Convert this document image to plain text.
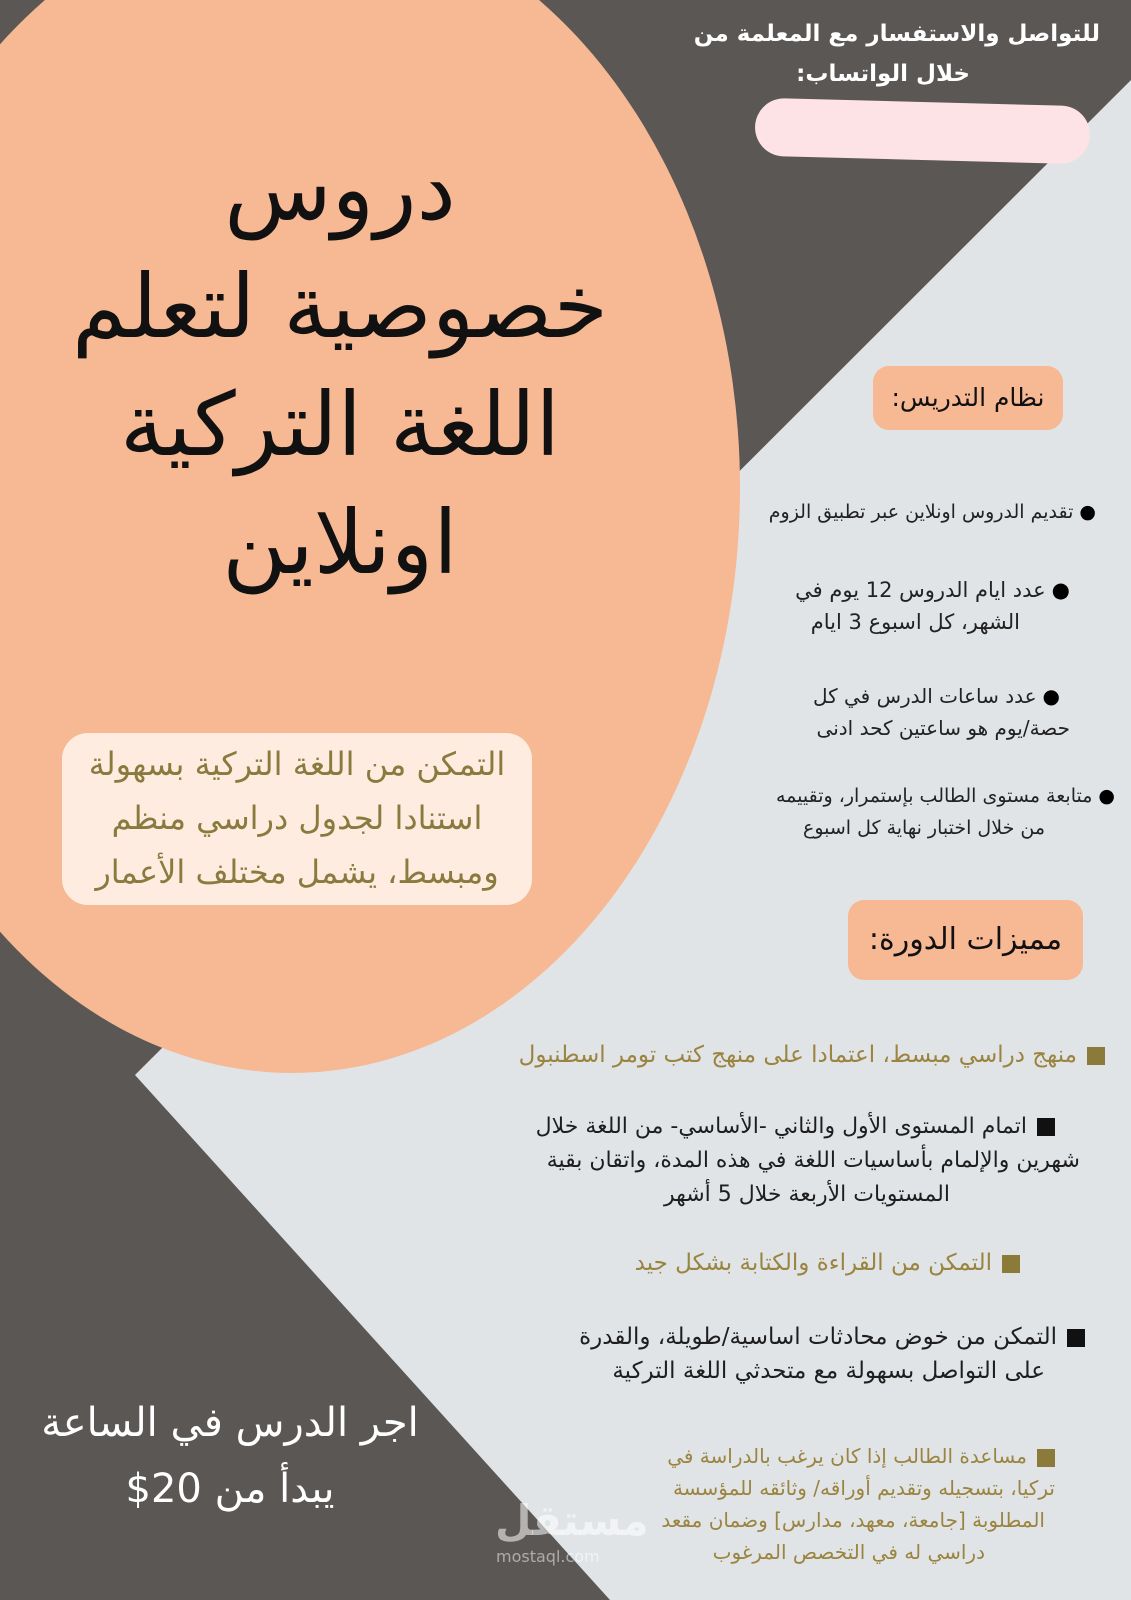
للتواصل والاستفسار مع المعلمة من
خلال الواتساب:
دروس
خصوصية لتعلم
اللغة التركية
اونلاين
التمكن من اللغة التركية بسهولة
استنادا لجدول دراسي منظم
ومبسط، يشمل مختلف الأعمار
نظام التدريس:
●تقديم الدروس اونلاين عبر تطبيق الزوم
●عدد ايام الدروس 12 يوم في
الشهر، كل اسبوع 3 ايام
●عدد ساعات الدرس في كل
حصة/يوم هو ساعتين كحد ادنى
●متابعة مستوى الطالب بإستمرار، وتقييمه
من خلال اختبار نهاية كل اسبوع
مميزات الدورة:
منهج دراسي مبسط، اعتمادا على منهج كتب تومر اسطنبول
اتمام المستوى الأول والثاني -الأساسي- من اللغة خلال
شهرين والإلمام بأساسيات اللغة في هذه المدة، واتقان بقية
المستويات الأربعة خلال 5 أشهر
التمكن من القراءة والكتابة بشكل جيد
التمكن من خوض محادثات اساسية/طويلة، والقدرة
على التواصل بسهولة مع متحدثي اللغة التركية
مساعدة الطالب إذا كان يرغب بالدراسة في
تركيا، بتسجيله وتقديم أوراقه/ وثائقه للمؤسسة
المطلوبة [جامعة، معهد، مدارس] وضمان مقعد
دراسي له في التخصص المرغوب
اجر الدرس في الساعة
يبدأ من 20$
مستقل
mostaql.com
